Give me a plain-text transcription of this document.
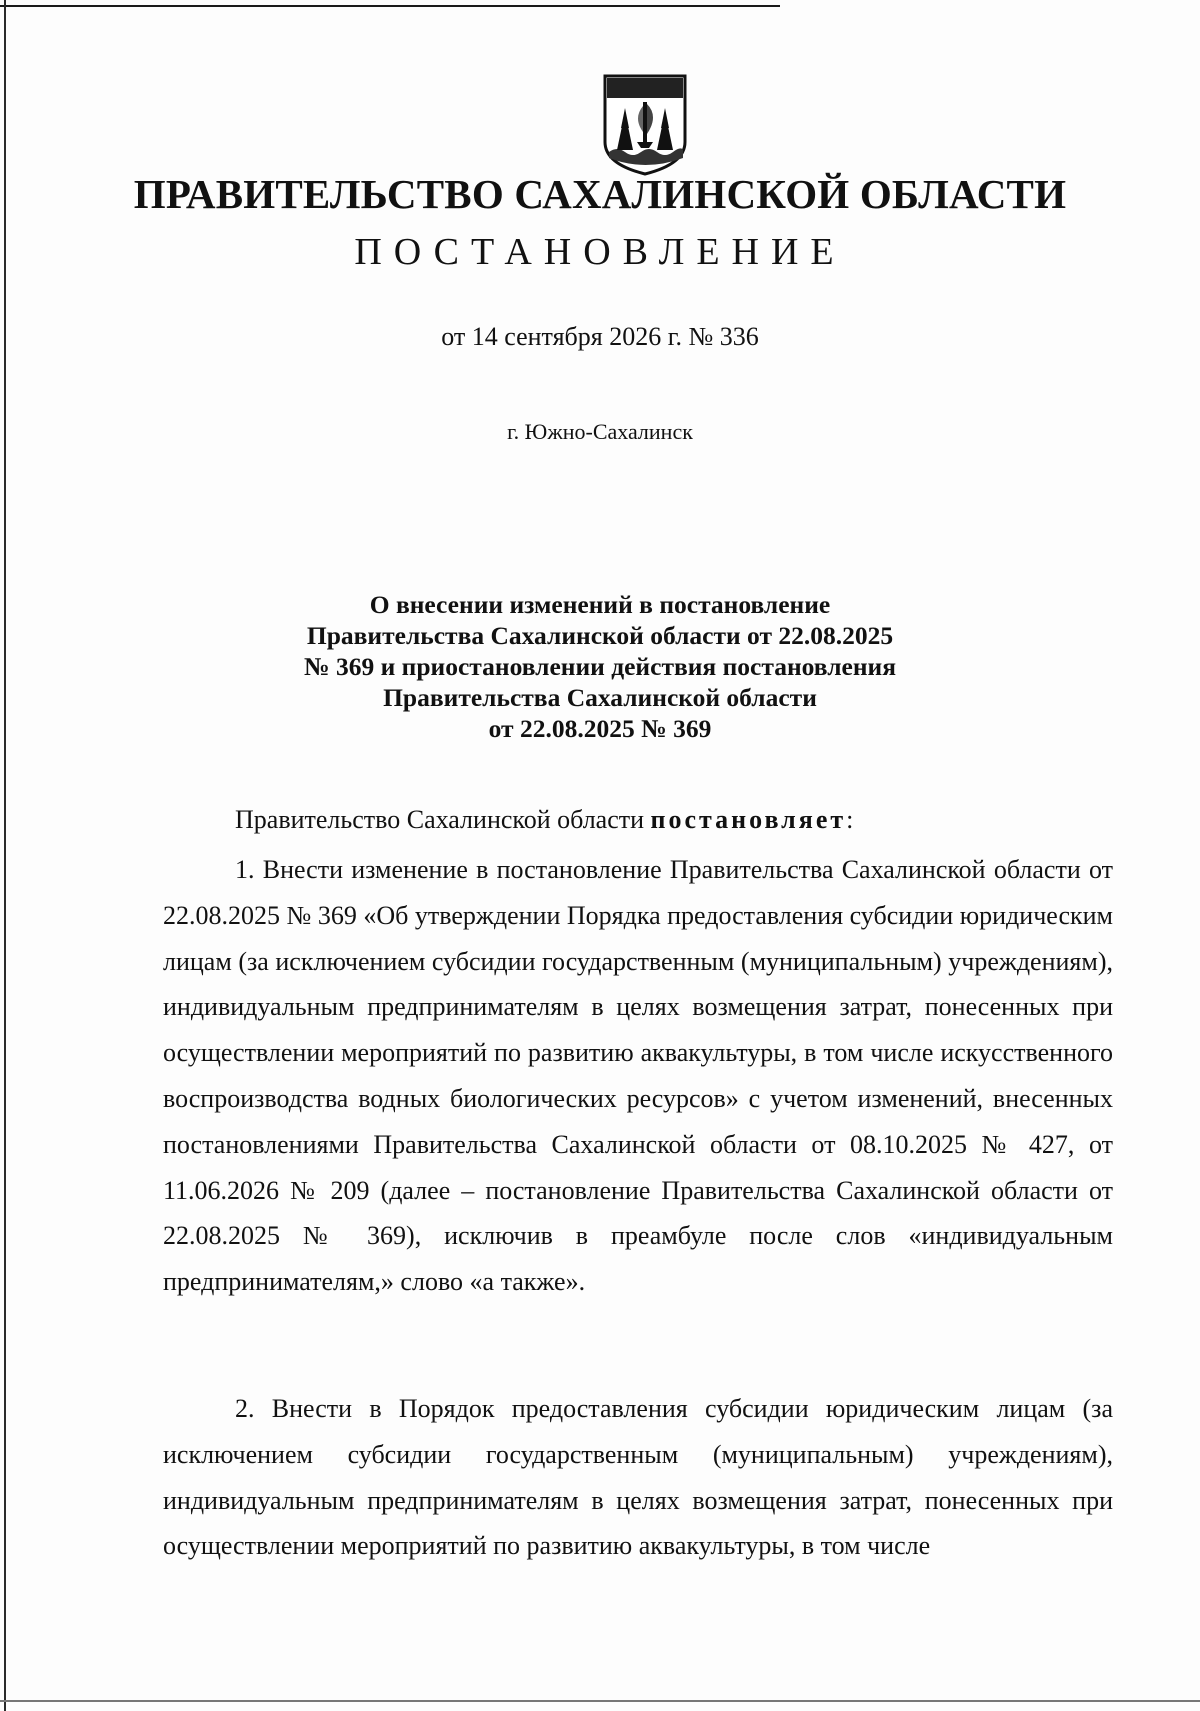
ПРАВИТЕЛЬСТВО САХАЛИНСКОЙ ОБЛАСТИ
ПОСТАНОВЛЕНИЕ
от 14 сентября 2026 г. № 336
г. Южно-Сахалинск
О внесении изменений в постановление
Правительства Сахалинской области от 22.08.2025
№ 369 и приостановлении действия постановления
Правительства Сахалинской области
от 22.08.2025 № 369
Правительство Сахалинской области постановляет:

1. Внести изменение в постановление Правительства Сахалинской области от 22.08.2025 № 369 «Об утверждении Порядка предоставления субсидии юридическим лицам (за исключением субсидии государственным (муниципальным) учреждениям), индивидуальным предпринимателям в целях возмещения затрат, понесенных при осуществлении мероприятий по развитию аквакультуры, в том числе искусственного воспроизводства водных биологических ресурсов» с учетом изменений, внесенных постановлениями Правительства Сахалинской области от 08.10.2025 № 427, от 11.06.2026 № 209 (далее – постановление Правительства Сахалинской области от 22.08.2025 № 369), исключив в преамбуле после слов «индивидуальным предпринимателям,» слово «а также».

2. Внести в Порядок предоставления субсидии юридическим лицам (за исключением субсидии государственным (муниципальным) учреждениям), индивидуальным предпринимателям в целях возмещения затрат, понесенных при осуществлении мероприятий по развитию аквакультуры, в том числе
